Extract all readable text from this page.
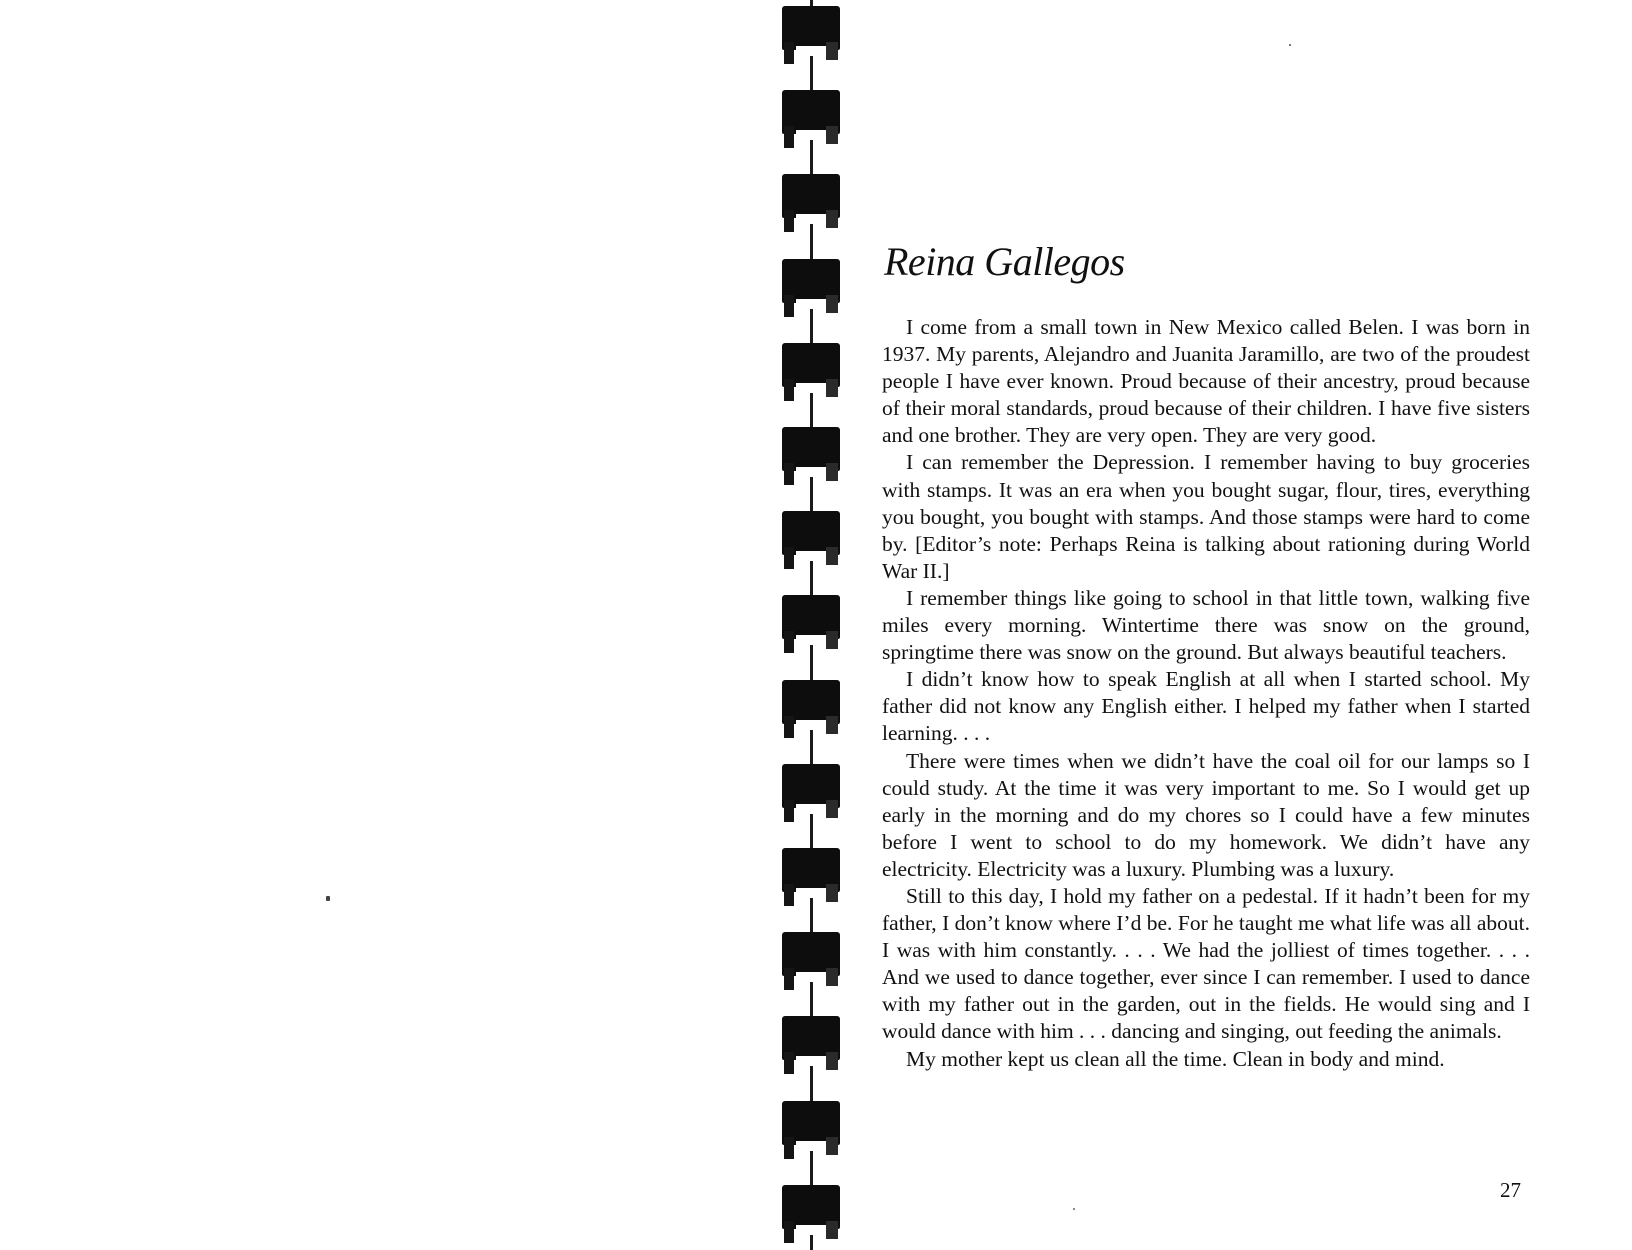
Reina Gallegos

I come from a small town in New Mexico called Belen. I was born in 1937. My parents, Alejandro and Juanita Jaramillo, are two of the proudest people I have ever known. Proud because of their ancestry, proud because of their moral standards, proud because of their children. I have five sisters and one brother. They are very open. They are very good.

I can remember the Depression. I remember having to buy groceries with stamps. It was an era when you bought sugar, flour, tires, everything you bought, you bought with stamps. And those stamps were hard to come by. [Editor’s note: Perhaps Reina is talking about rationing during World War II.]

I remember things like going to school in that little town, walking five miles every morning. Wintertime there was snow on the ground, springtime there was snow on the ground. But always beautiful teachers.

I didn’t know how to speak English at all when I started school. My father did not know any English either. I helped my father when I started learning. . . .

There were times when we didn’t have the coal oil for our lamps so I could study. At the time it was very important to me. So I would get up early in the morning and do my chores so I could have a few minutes before I went to school to do my homework. We didn’t have any electricity. Electricity was a luxury. Plumbing was a luxury.

Still to this day, I hold my father on a pedestal. If it hadn’t been for my father, I don’t know where I’d be. For he taught me what life was all about. I was with him constantly. . . . We had the jolliest of times together. . . . And we used to dance together, ever since I can remember. I used to dance with my father out in the garden, out in the fields. He would sing and I would dance with him . . . dancing and singing, out feeding the animals.

My mother kept us clean all the time. Clean in body and mind.

27
